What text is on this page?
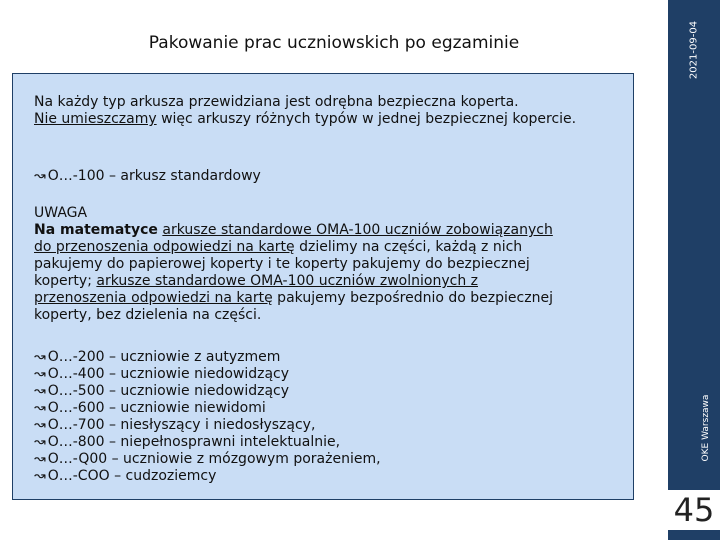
2021-09-04
OKE Warszawa
45
Pakowanie prac uczniowskich po egzaminie
Na każdy typ arkusza przewidziana jest odrębna bezpieczna koperta.
Nie umieszczamy więc arkuszy różnych typów w jednej bezpiecznej kopercie.
↝ O…-100 – arkusz standardowy
UWAGA
Na matematyce arkusze standardowe OMA-100 uczniów zobowiązanych
do przenoszenia odpowiedzi na kartę dzielimy na części, każdą z nich
pakujemy do papierowej koperty i te koperty pakujemy do bezpiecznej
koperty; arkusze standardowe OMA-100 uczniów zwolnionych z
przenoszenia odpowiedzi na kartę pakujemy bezpośrednio do bezpiecznej
koperty, bez dzielenia na części.
↝ O…-200 – uczniowie z autyzmem
↝ O…-400 – uczniowie niedowidzący
↝ O…-500 – uczniowie niedowidzący
↝ O…-600 – uczniowie niewidomi
↝ O…-700 – niesłyszący i niedosłyszący,
↝ O…-800 – niepełnosprawni intelektualnie,
↝ O…-Q00 – uczniowie z mózgowym porażeniem,
↝ O…-COO – cudzoziemcy
